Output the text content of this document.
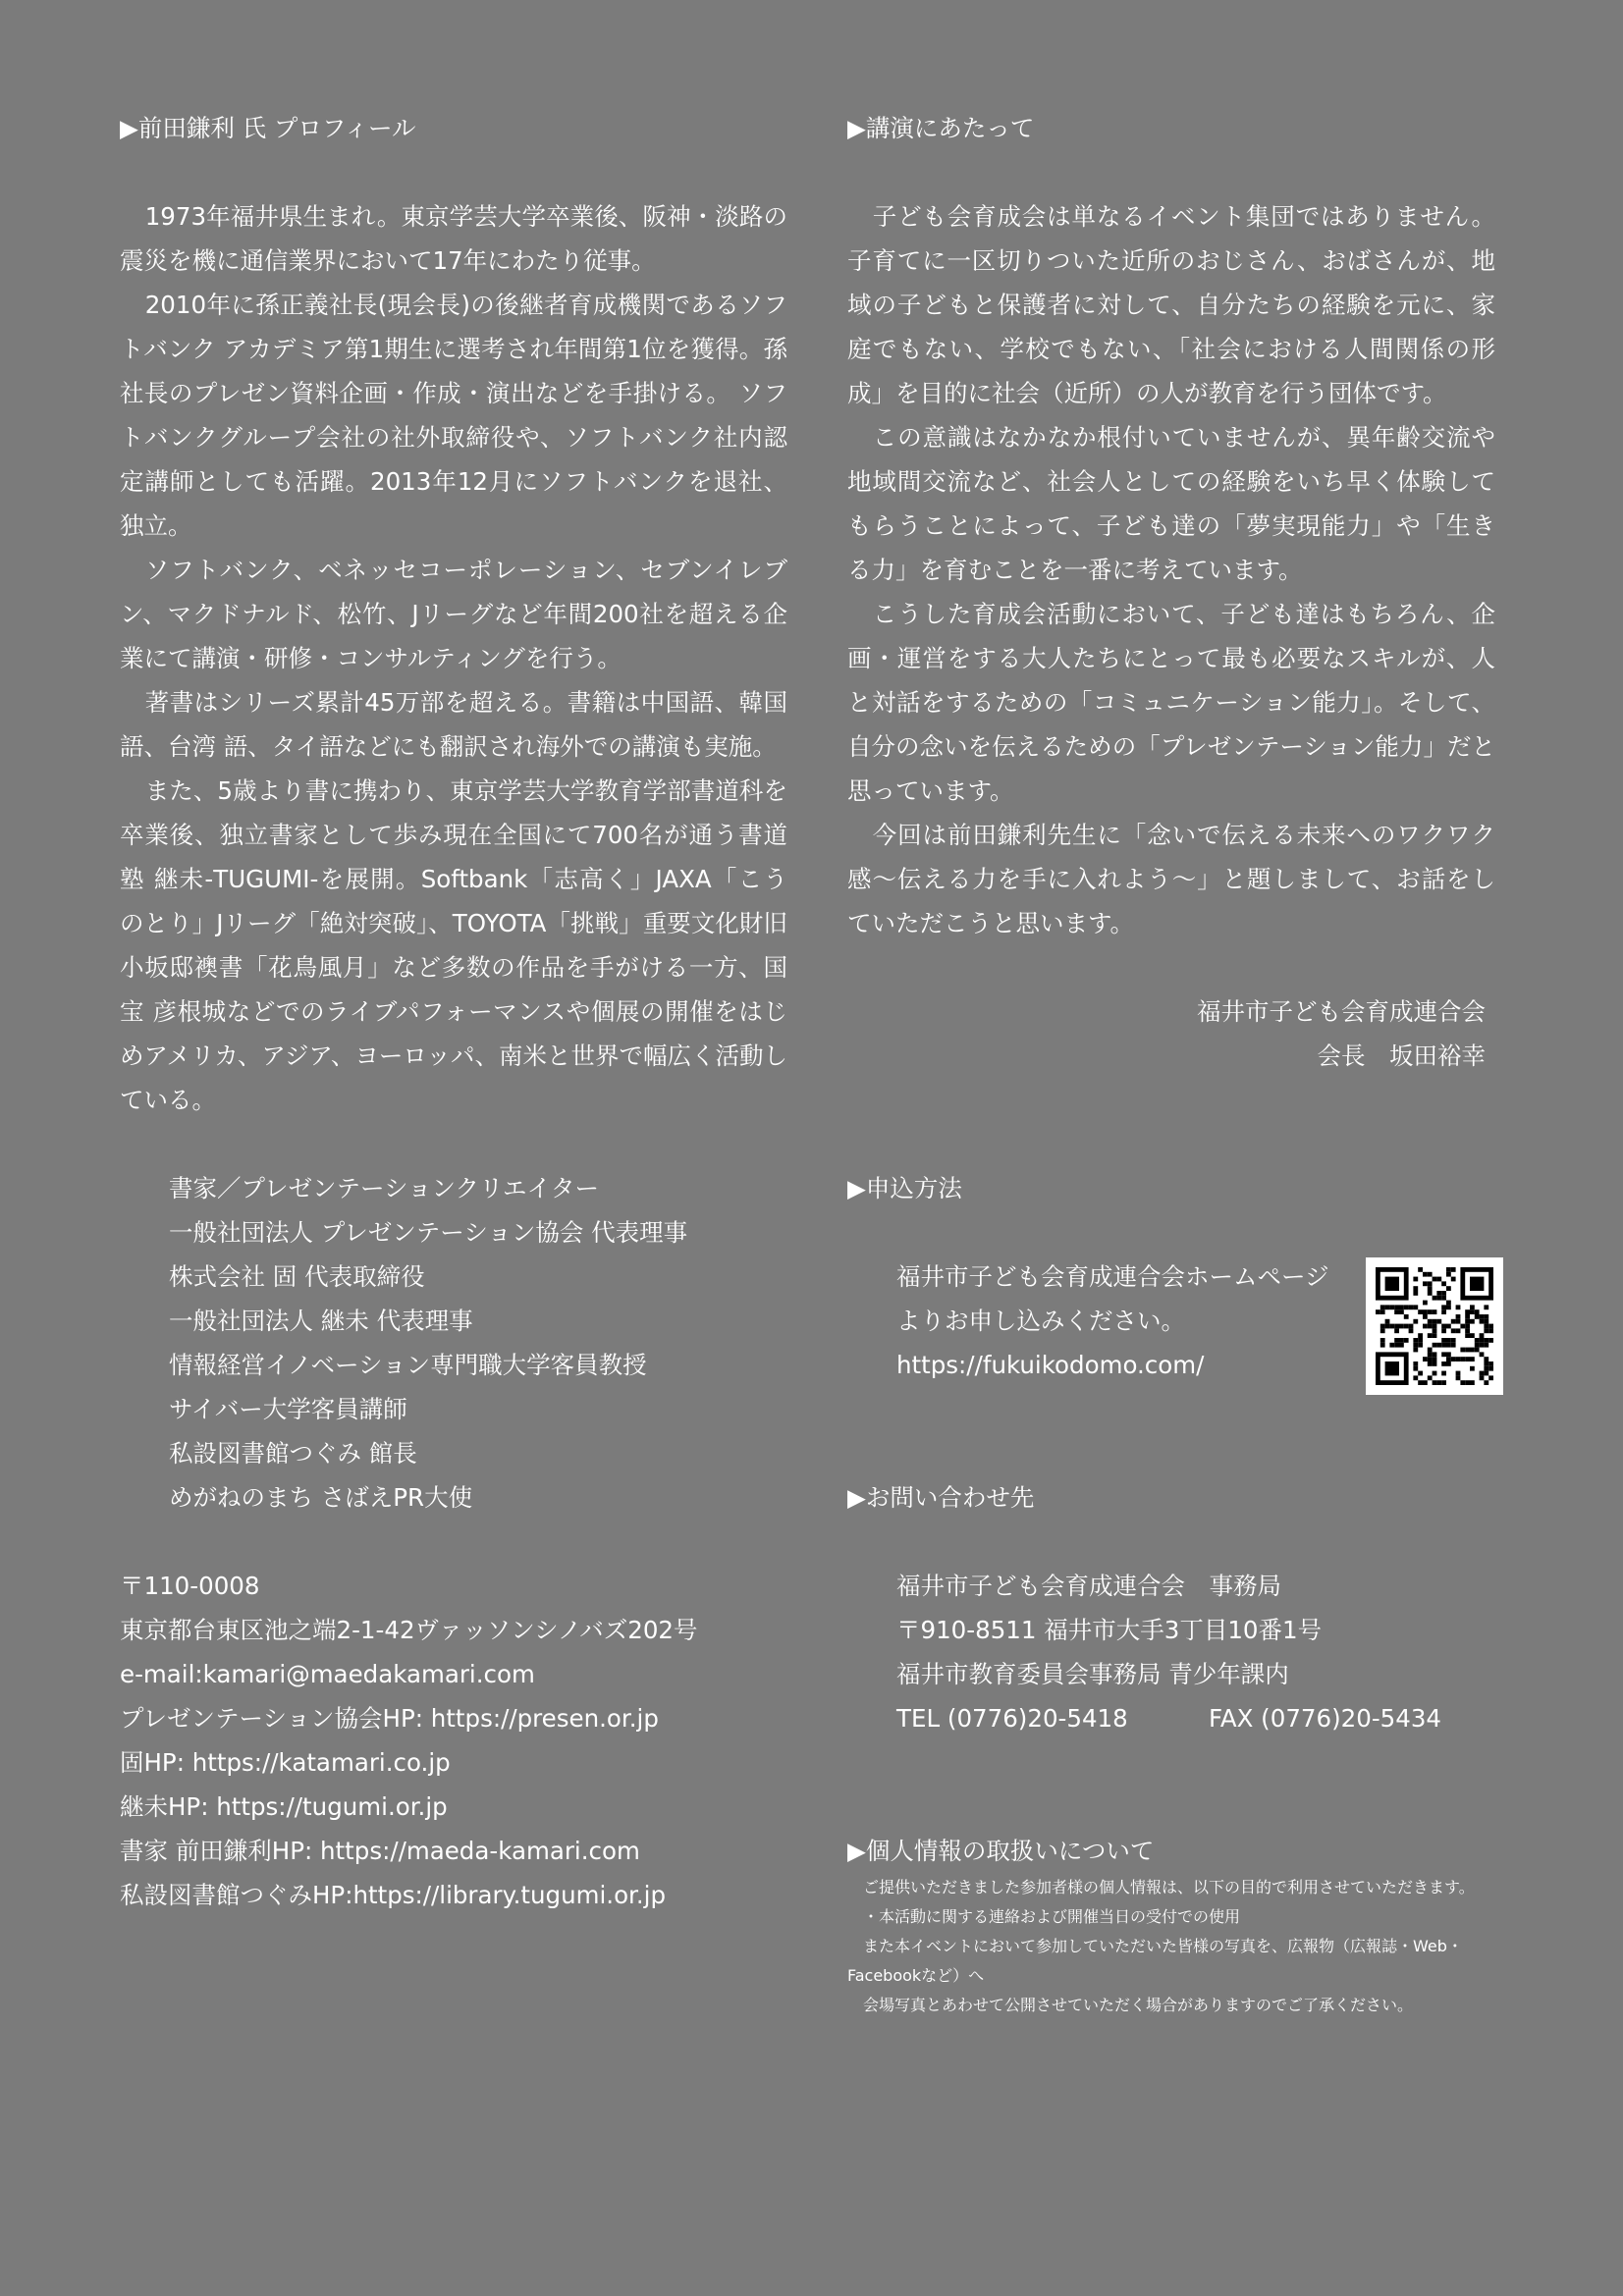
▶前田鎌利 氏 プロフィール
1973年福井県生まれ。東京学芸大学卒業後、阪神・淡路の震災を機に通信業界において17年にわたり従事。
2010年に孫正義社長(現会長)の後継者育成機関であるソフトバンク アカデミア第1期生に選考され年間第1位を獲得。孫社長のプレゼン資料企画・作成・演出などを手掛ける。 ソフトバンクグループ会社の社外取締役や、ソフトバンク社内認定講師としても活躍。2013年12月にソフトバンクを退社、独立。
ソフトバンク、ベネッセコーポレーション、セブンイレブン、マクドナルド、松竹、Jリーグなど年間200社を超える企業にて講演・研修・コンサルティングを行う。
著書はシリーズ累計45万部を超える。書籍は中国語、韓国語、台湾 語、タイ語などにも翻訳され海外での講演も実施。
また、5歳より書に携わり、東京学芸大学教育学部書道科を卒業後、独立書家として歩み現在全国にて700名が通う書道塾 継未-TUGUMI-を展開。Softbank「志高く」JAXA「こうのとり」Jリーグ「絶対突破」、TOYOTA「挑戦」重要文化財旧小坂邸襖書「花鳥風月」など多数の作品を手がける一方、国宝 彦根城などでのライブパフォーマンスや個展の開催をはじめアメリカ、アジア、ヨーロッパ、南米と世界で幅広く活動している。
書家／プレゼンテーションクリエイター
一般社団法人 プレゼンテーション協会 代表理事
株式会社 固 代表取締役
一般社団法人 継未 代表理事
情報経営イノベーション専門職大学客員教授
サイバー大学客員講師
私設図書館つぐみ 館長
めがねのまち さばえPR大使
〒110-0008
東京都台東区池之端2-1-42ヴァッソンシノバズ202号
e-mail:kamari@maedakamari.com
プレゼンテーション協会HP: https://presen.or.jp
固HP: https://katamari.co.jp
継未HP: https://tugumi.or.jp
書家 前田鎌利HP: https://maeda-kamari.com
私設図書館つぐみHP:https://library.tugumi.or.jp
▶講演にあたって
子ども会育成会は単なるイベント集団ではありません。子育てに一区切りついた近所のおじさん、おばさんが、地域の子どもと保護者に対して、自分たちの経験を元に、家庭でもない、学校でもない、「社会における人間関係の形成」を目的に社会（近所）の人が教育を行う団体です。
この意識はなかなか根付いていませんが、異年齢交流や地域間交流など、社会人としての経験をいち早く体験してもらうことによって、子ども達の「夢実現能力」や「生きる力」を育むことを一番に考えています。
こうした育成会活動において、子ども達はもちろん、企画・運営をする大人たちにとって最も必要なスキルが、人と対話をするための「コミュニケーション能力」。そして、自分の念いを伝えるための「プレゼンテーション能力」だと思っています。
今回は前田鎌利先生に「念いで伝える未来へのワクワク感〜伝える力を手に入れよう〜」と題しまして、お話をしていただこうと思います。
福井市子ども会育成連合会
会長　坂田裕幸
▶申込方法
福井市子ども会育成連合会ホームページ
よりお申し込みください。
https://fukuikodomo.com/
▶お問い合わせ先
福井市子ども会育成連合会　事務局
〒910-8511 福井市大手3丁目10番1号
福井市教育委員会事務局 青少年課内
TEL (0776)20-5418	FAX (0776)20-5434
▶個人情報の取扱いについて
ご提供いただきました参加者様の個人情報は、以下の目的で利用させていただきます。
・本活動に関する連絡および開催当日の受付での使用
また本イベントにおいて参加していただいた皆様の写真を、広報物（広報誌・Web・
Facebookなど）へ
会場写真とあわせて公開させていただく場合がありますのでご了承ください。
